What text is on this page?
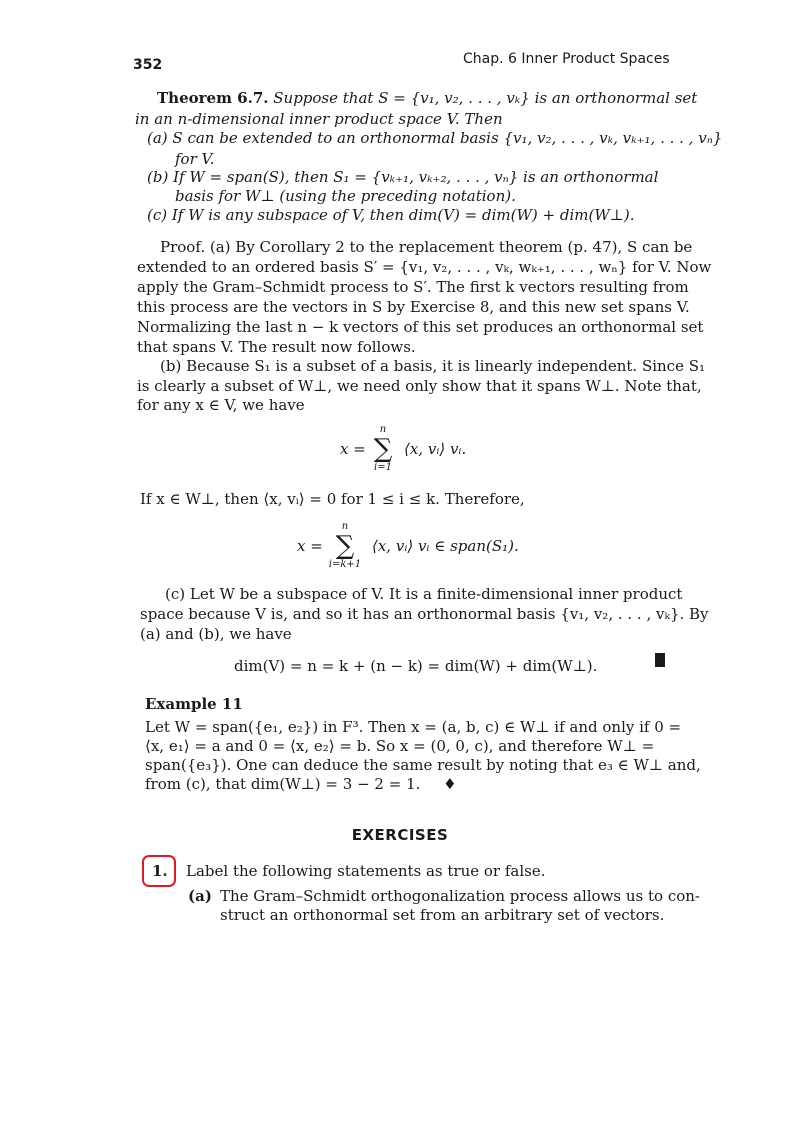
352	Chap. 6 Inner Product Spaces
Theorem 6.7. Suppose that S = {v₁, v₂, . . . , vₖ} is an orthonormal set
in an n-dimensional inner product space V. Then
(a) S can be extended to an orthonormal basis {v₁, v₂, . . . , vₖ, vₖ₊₁, . . . , vₙ}
for V.
(b) If W = span(S), then S₁ = {vₖ₊₁, vₖ₊₂, . . . , vₙ} is an orthonormal
basis for W⊥ (using the preceding notation).
(c) If W is any subspace of V, then dim(V) = dim(W) + dim(W⊥).
Proof. (a) By Corollary 2 to the replacement theorem (p. 47), S can be
extended to an ordered basis S′ = {v₁, v₂, . . . , vₖ, wₖ₊₁, . . . , wₙ} for V. Now
apply the Gram–Schmidt process to S′. The first k vectors resulting from
this process are the vectors in S by Exercise 8, and this new set spans V.
Normalizing the last n − k vectors of this set produces an orthonormal set
that spans V. The result now follows.
(b) Because S₁ is a subset of a basis, it is linearly independent. Since S₁
is clearly a subset of W⊥, we need only show that it spans W⊥. Note that,
for any x ∈ V, we have
x =
n
∑
i=1
⟨x, vᵢ⟩ vᵢ.
If x ∈ W⊥, then ⟨x, vᵢ⟩ = 0 for 1 ≤ i ≤ k. Therefore,
x =
n
∑
i=k+1
⟨x, vᵢ⟩ vᵢ ∈ span(S₁).
(c) Let W be a subspace of V. It is a finite-dimensional inner product
space because V is, and so it has an orthonormal basis {v₁, v₂, . . . , vₖ}. By
(a) and (b), we have
dim(V) = n = k + (n − k) = dim(W) + dim(W⊥).
Example 11
Let W = span({e₁, e₂}) in F³. Then x = (a, b, c) ∈ W⊥ if and only if 0 =
⟨x, e₁⟩ = a and 0 = ⟨x, e₂⟩ = b. So x = (0, 0, c), and therefore W⊥ =
span({e₃}). One can deduce the same result by noting that e₃ ∈ W⊥ and,
from (c), that dim(W⊥) = 3 − 2 = 1. ♦
EXERCISES
1. Label the following statements as true or false.
(a) The Gram–Schmidt orthogonalization process allows us to con-
struct an orthonormal set from an arbitrary set of vectors.
